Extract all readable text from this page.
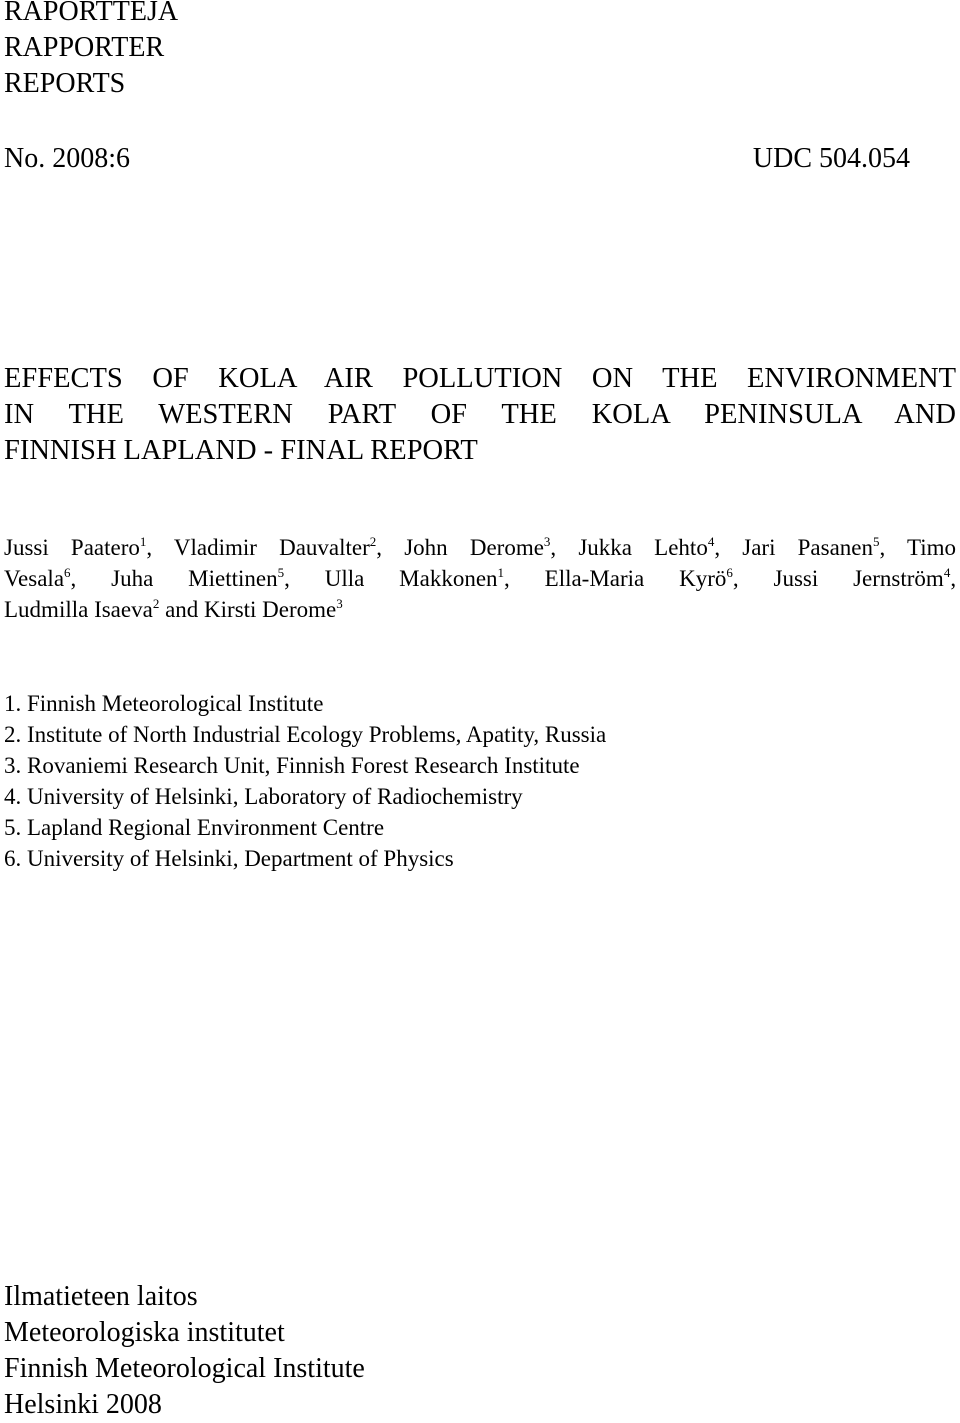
RAPORTTEJA
RAPPORTER
REPORTS
No. 2008:6	UDC 504.054
EFFECTS OF KOLA AIR POLLUTION ON THE ENVIRONMENT
IN THE WESTERN PART OF THE KOLA PENINSULA AND
FINNISH LAPLAND - FINAL REPORT
Jussi Paatero$^1$, Vladimir Dauvalter$^2$, John Derome$^3$, Jukka Lehto$^4$, Jari Pasanen$^5$, Timo
Vesala$^6$, Juha Miettinen$^5$, Ulla Makkonen$^1$, Ella-Maria Kyrö$^6$, Jussi Jernström$^4$,
Ludmilla Isaeva$^2$ and Kirsti Derome$^3$
1. Finnish Meteorological Institute
2. Institute of North Industrial Ecology Problems, Apatity, Russia
3. Rovaniemi Research Unit, Finnish Forest Research Institute
4. University of Helsinki, Laboratory of Radiochemistry
5. Lapland Regional Environment Centre
6. University of Helsinki, Department of Physics
Ilmatieteen laitos
Meteorologiska institutet
Finnish Meteorological Institute
Helsinki 2008
